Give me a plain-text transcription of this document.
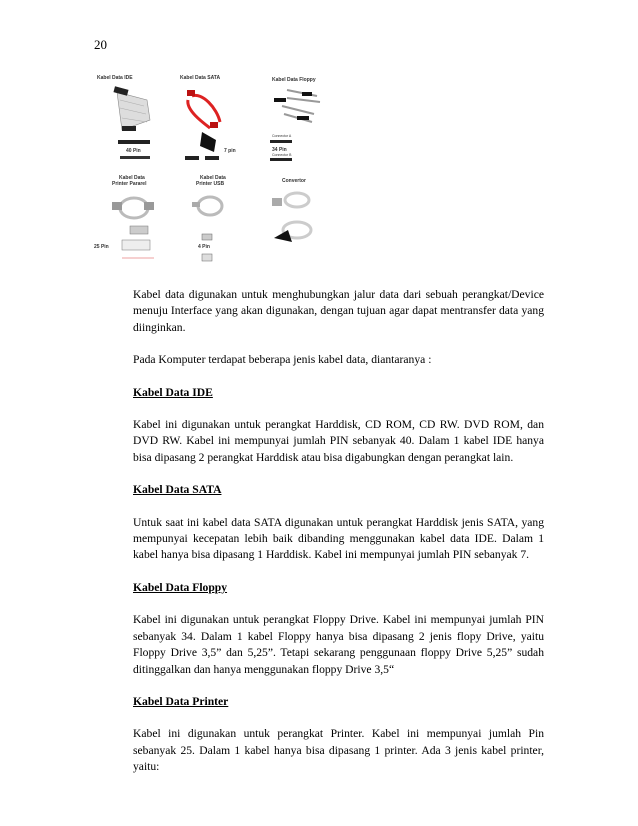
20
Kabel Data IDE	Kabel Data SATA	Kabel Data Floppy
40 Pin	7 pin
Connector A
34 Pin
Connector B
Kabel Data
Printer Pararel
Kabel Data
Printer USB	Convertor
25 Pin	4 Pin

Kabel data digunakan untuk menghubungkan jalur data dari sebuah perangkat/Device menuju Interface yang akan digunakan, dengan tujuan agar dapat mentransfer data yang diinginkan.

Pada Komputer terdapat beberapa jenis kabel data, diantaranya :

Kabel Data IDE

Kabel ini digunakan untuk perangkat Harddisk, CD ROM, CD RW. DVD ROM, dan DVD RW. Kabel ini mempunyai jumlah PIN sebanyak 40. Dalam 1 kabel IDE hanya bisa dipasang 2 perangkat Harddisk atau bisa digabungkan dengan perangkat lain.

Kabel Data SATA

Untuk saat ini kabel data SATA digunakan untuk perangkat Harddisk jenis SATA, yang mempunyai kecepatan lebih baik dibanding menggunakan kabel data IDE. Dalam 1 kabel hanya bisa dipasang 1 Harddisk. Kabel ini mempunyai jumlah PIN sebanyak 7.

Kabel Data Floppy

Kabel ini digunakan untuk perangkat Floppy Drive. Kabel ini mempunyai jumlah PIN sebanyak 34. Dalam 1 kabel Floppy hanya bisa dipasang 2 jenis flopy Drive, yaitu Floppy Drive 3,5” dan 5,25”. Tetapi sekarang penggunaan floppy Drive 5,25” sudah ditinggalkan dan hanya menggunakan floppy Drive 3,5“

Kabel Data Printer

Kabel ini digunakan untuk perangkat Printer. Kabel ini mempunyai jumlah Pin sebanyak 25. Dalam 1 kabel hanya bisa dipasang 1 printer. Ada 3 jenis kabel printer, yaitu:
